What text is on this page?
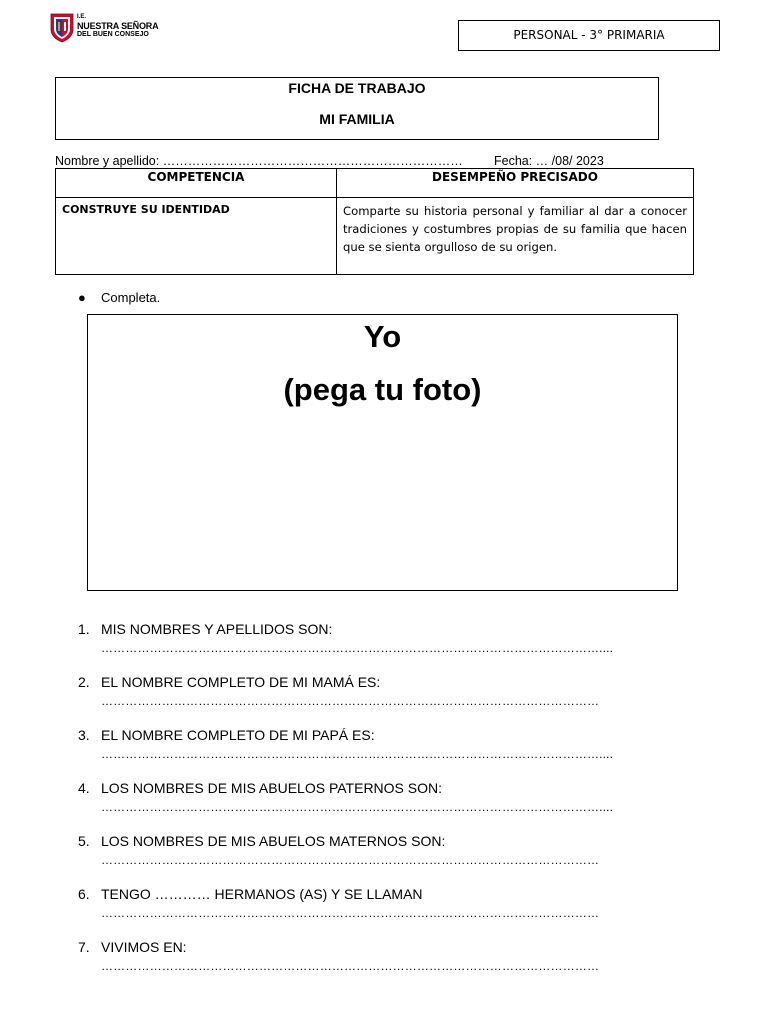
I.E.
NUESTRA SEÑORA
DEL BUEN CONSEJO	PERSONAL - 3° PRIMARIA
FICHA DE TRABAJO
MI FAMILIA
Nombre y apellido: ………………………………………………………………	Fecha: … /08/ 2023
COMPETENCIA	DESEMPEÑO PRECISADO
CONSTRUYE SU IDENTIDAD	Comparte su historia personal y familiar al dar a conocer tradiciones y costumbres propias de su familia que hacen que se sienta orgulloso de su origen.
● Completa.
Yo
(pega tu foto)
1. MIS NOMBRES Y APELLIDOS SON:
……………………………………………………………………………………………………………....
2. EL NOMBRE COMPLETO DE MI MAMÁ ES:
……………………………………………………………………………………………………………
3. EL NOMBRE COMPLETO DE MI PAPÁ ES:
……………………………………………………………………………………………………………....
4. LOS NOMBRES DE MIS ABUELOS PATERNOS SON:
……………………………………………………………………………………………………………....
5. LOS NOMBRES DE MIS ABUELOS MATERNOS SON:
……………………………………………………………………………………………………………
6. TENGO ………… HERMANOS (AS) Y SE LLAMAN
……………………………………………………………………………………………………………
7. VIVIMOS EN:
……………………………………………………………………………………………………………
